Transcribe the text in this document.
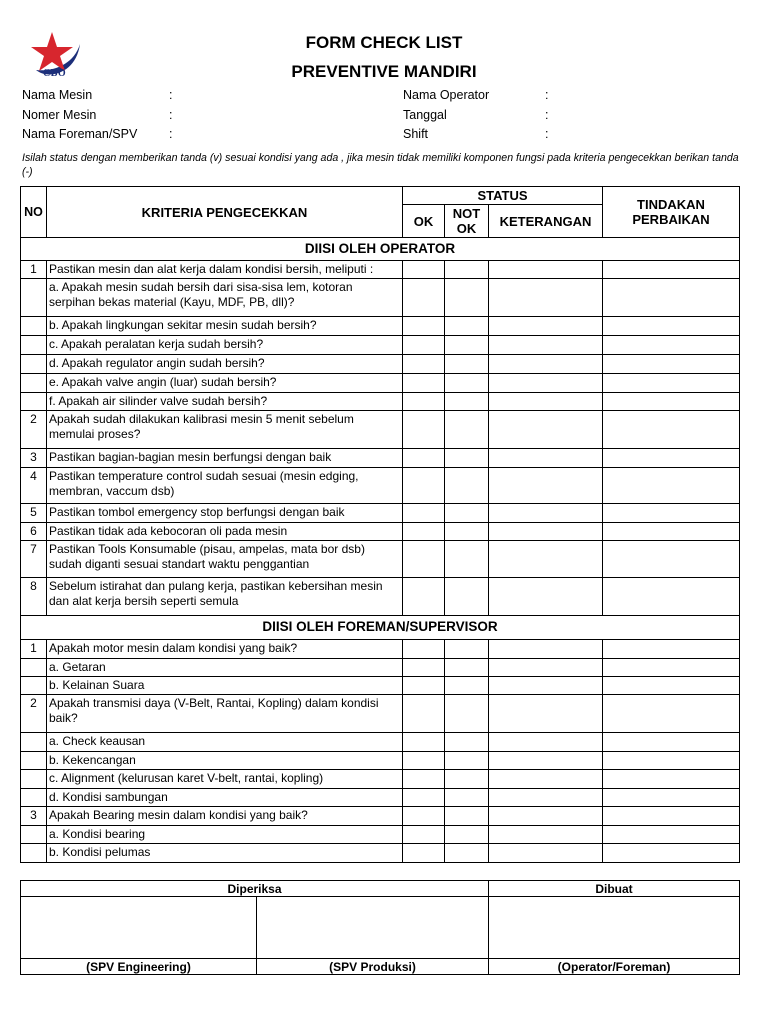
CBO
FORM CHECK LIST
PREVENTIVE MANDIRI
Nama Mesin	:
Nomer Mesin	:
Nama Foreman/SPV	:
Nama Operator	:
Tanggal	:
Shift	:
Isilah status dengan memberikan tanda (v) sesuai kondisi yang ada , jika mesin tidak memiliki komponen fungsi pada kriteria pengecekkan berikan tanda (-)
NO	KRITERIA PENGECEKKAN	STATUS			TINDAKAN PERBAIKAN
		OK	NOT OK	KETERANGAN	
DIISI OLEH OPERATOR					
1	Pastikan mesin dan alat kerja dalam kondisi bersih, meliputi :				
	a. Apakah mesin sudah bersih dari sisa-sisa lem, kotoran serpihan bekas material (Kayu, MDF, PB, dll)?				
	b. Apakah lingkungan sekitar mesin sudah bersih?				
	c. Apakah peralatan kerja sudah bersih?				
	d. Apakah regulator angin sudah bersih?				
	e. Apakah valve angin (luar) sudah bersih?				
	f. Apakah air silinder valve sudah bersih?				
2	Apakah sudah dilakukan kalibrasi mesin 5 menit sebelum memulai proses?				
3	Pastikan bagian-bagian mesin berfungsi dengan baik				
4	Pastikan temperature control sudah sesuai (mesin edging, membran, vaccum dsb)				
5	Pastikan tombol emergency stop berfungsi dengan baik				
6	Pastikan tidak ada kebocoran oli pada mesin				
7	Pastikan Tools Konsumable (pisau, ampelas, mata bor dsb) sudah diganti sesuai standart waktu penggantian				
8	Sebelum istirahat dan pulang kerja, pastikan kebersihan mesin dan alat kerja bersih seperti semula				
DIISI OLEH FOREMAN/SUPERVISOR					
1	Apakah motor mesin dalam kondisi yang baik?				
	a. Getaran				
	b. Kelainan Suara				
2	Apakah transmisi daya (V-Belt, Rantai, Kopling) dalam kondisi baik?				
	a. Check keausan				
	b. Kekencangan				
	c. Alignment (kelurusan karet V-belt, rantai, kopling)				
	d. Kondisi sambungan				
3	Apakah Bearing mesin dalam kondisi yang baik?				
	a. Kondisi bearing				
	b. Kondisi pelumas				
Diperiksa		Dibuat

(SPV Engineering)	(SPV Produksi)	(Operator/Foreman)
